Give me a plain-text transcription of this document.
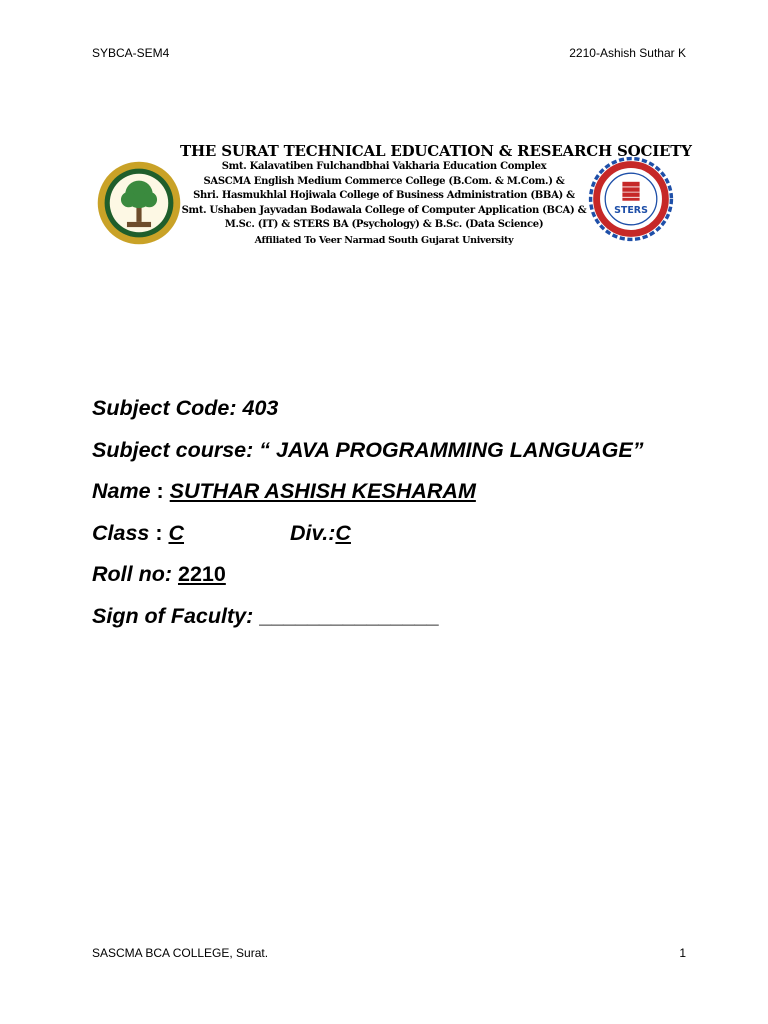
SYBCA-SEM4	2210-Ashish Suthar K
THE SURAT TECHNICAL EDUCATION & RESEARCH SOCIETY
Smt. Kalavatiben Fulchandbhai Vakharia Education Complex
SASCMA English Medium Commerce College (B.Com. & M.Com.) &
Shri. Hasmukhlal Hojiwala College of Business Administration (BBA) &
Smt. Ushaben Jayvadan Bodawala College of Computer Application (BCA) &
M.Sc. (IT) & STERS BA (Psychology) & B.Sc. (Data Science)
Affiliated To Veer Narmad South Gujarat University
STERS
Subject Code: 403
Subject course: “ JAVA PROGRAMMING LANGUAGE”
Name : SUTHAR ASHISH KESHARAM
Class : C	Div.:C
Roll no: 2210
Sign of Faculty: _______________
SASCMA BCA COLLEGE, Surat.	1
